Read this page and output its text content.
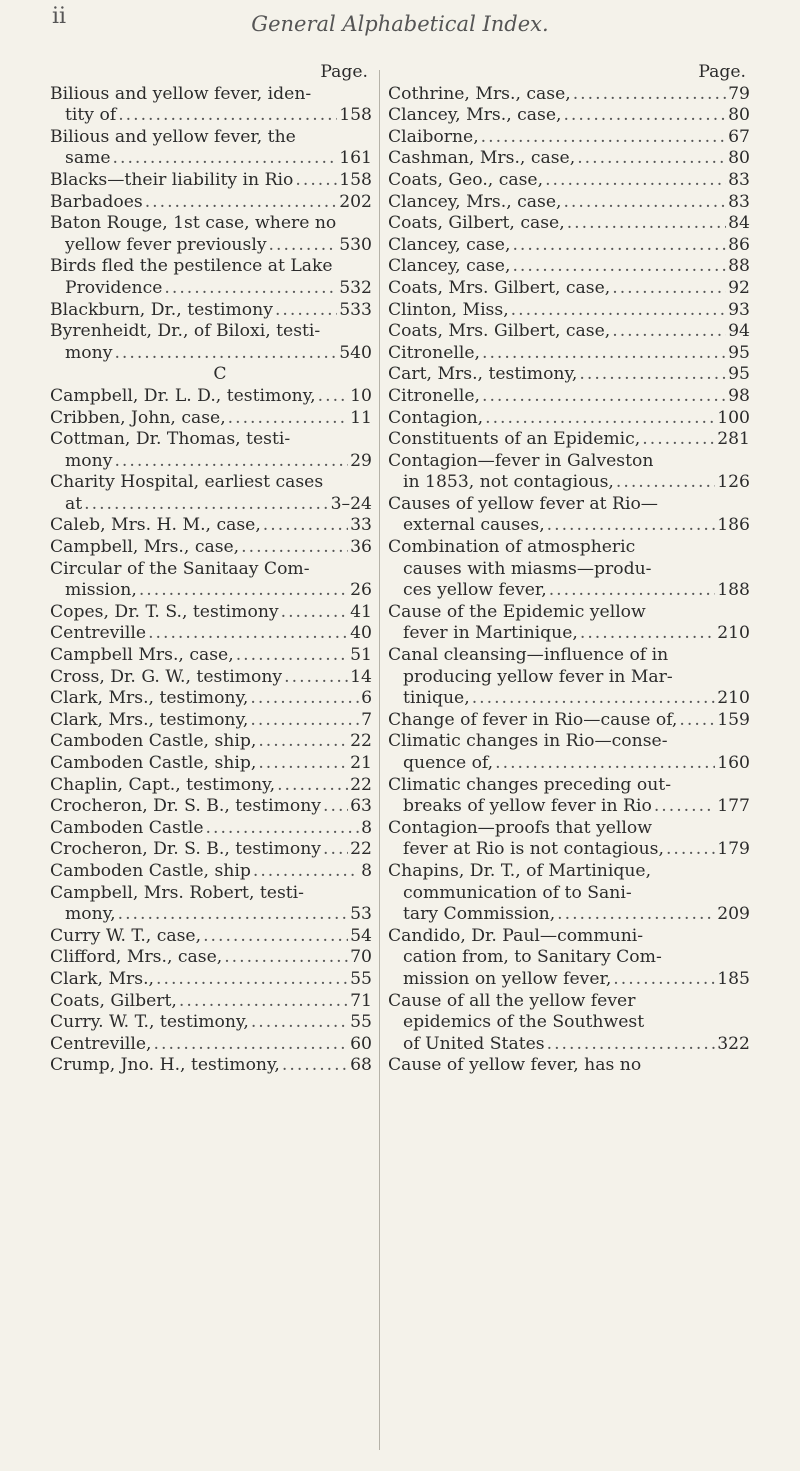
ii	General Alphabetical Index.
Page.
Bilious and yellow fever, iden-
tity of .....	158
Bilious and yellow fever, the
same .....	161
Blacks—their liability in Rio .....	158
Barbadoes .....	202
Baton Rouge, 1st case, where no
yellow fever previously .....	530
Birds fled the pestilence at Lake
Providence .....	532
Blackburn, Dr., testimony .....	533
Byrenheidt, Dr., of Biloxi, testi-
mony .....	540
C
Campbell, Dr. L. D., testimony, ..... 10
Cribben, John, case, .....	11
Cottman, Dr. Thomas, testi-
mony .....	29
Charity Hospital, earliest cases
at .....	3–24
Caleb, Mrs. H. M., case, .....	33
Campbell, Mrs., case, .....	36
Circular of the Sanitaay Com-
mission, .....	26
Copes, Dr. T. S., testimony .....	41
Centreville .....	40
Campbell Mrs., case, .....	51
Cross, Dr. G. W., testimony .....	14
Clark, Mrs., testimony, .....	6
Clark, Mrs., testimony, .....	7
Camboden Castle, ship, .....	22
Camboden Castle, ship, .....	21
Chaplin, Capt., testimony, .....	22
Crocheron, Dr. S. B., testimony ..... 63
Camboden Castle .....	8
Crocheron, Dr. S. B., testimony ..... 22
Camboden Castle, ship .....	8
Campbell, Mrs. Robert, testi-
mony, .....	53
Curry W. T., case, .....	54
Clifford, Mrs., case, .....	70
Clark, Mrs., .....	55
Coats, Gilbert, .....	71
Curry. W. T., testimony, .....	55
Centreville, .....	60
Crump, Jno. H., testimony, .....	68
Page.
Cothrine, Mrs., case, .....	79
Clancey, Mrs., case, .....	80
Claiborne, .....	67
Cashman, Mrs., case, .....	80
Coats, Geo., case, .....	83
Clancey, Mrs., case, .....	83
Coats, Gilbert, case, .....	84
Clancey, case, .....	86
Clancey, case, .....	88
Coats, Mrs. Gilbert, case, .....	92
Clinton, Miss, .....	93
Coats, Mrs. Gilbert, case, .....	94
Citronelle, .....	95
Cart, Mrs., testimony, .....	95
Citronelle, .....	98
Contagion, .....	100
Constituents of an Epidemic, .....	281
Contagion—fever in Galveston
in 1853, not contagious, .....	126
Causes of yellow fever at Rio—
external causes, .....	186
Combination of atmospheric
causes with miasms—produ-
ces yellow fever, .....	188
Cause of the Epidemic yellow
fever in Martinique, .....	210
Canal cleansing—influence of in
producing yellow fever in Mar-
tinique, .....	210
Change of fever in Rio—cause of, ..... 159
Climatic changes in Rio—conse-
quence of, .....	160
Climatic changes preceding out-
breaks of yellow fever in Rio .....	177
Contagion—proofs that yellow
fever at Rio is not contagious, .....	179
Chapins, Dr. T., of Martinique,
communication of to Sani-
tary Commission, .....	209
Candido, Dr. Paul—communi-
cation from, to Sanitary Com-
mission on yellow fever, .....	185
Cause of all the yellow fever
epidemics of the Southwest
of United States .....	322
Cause of yellow fever, has no
